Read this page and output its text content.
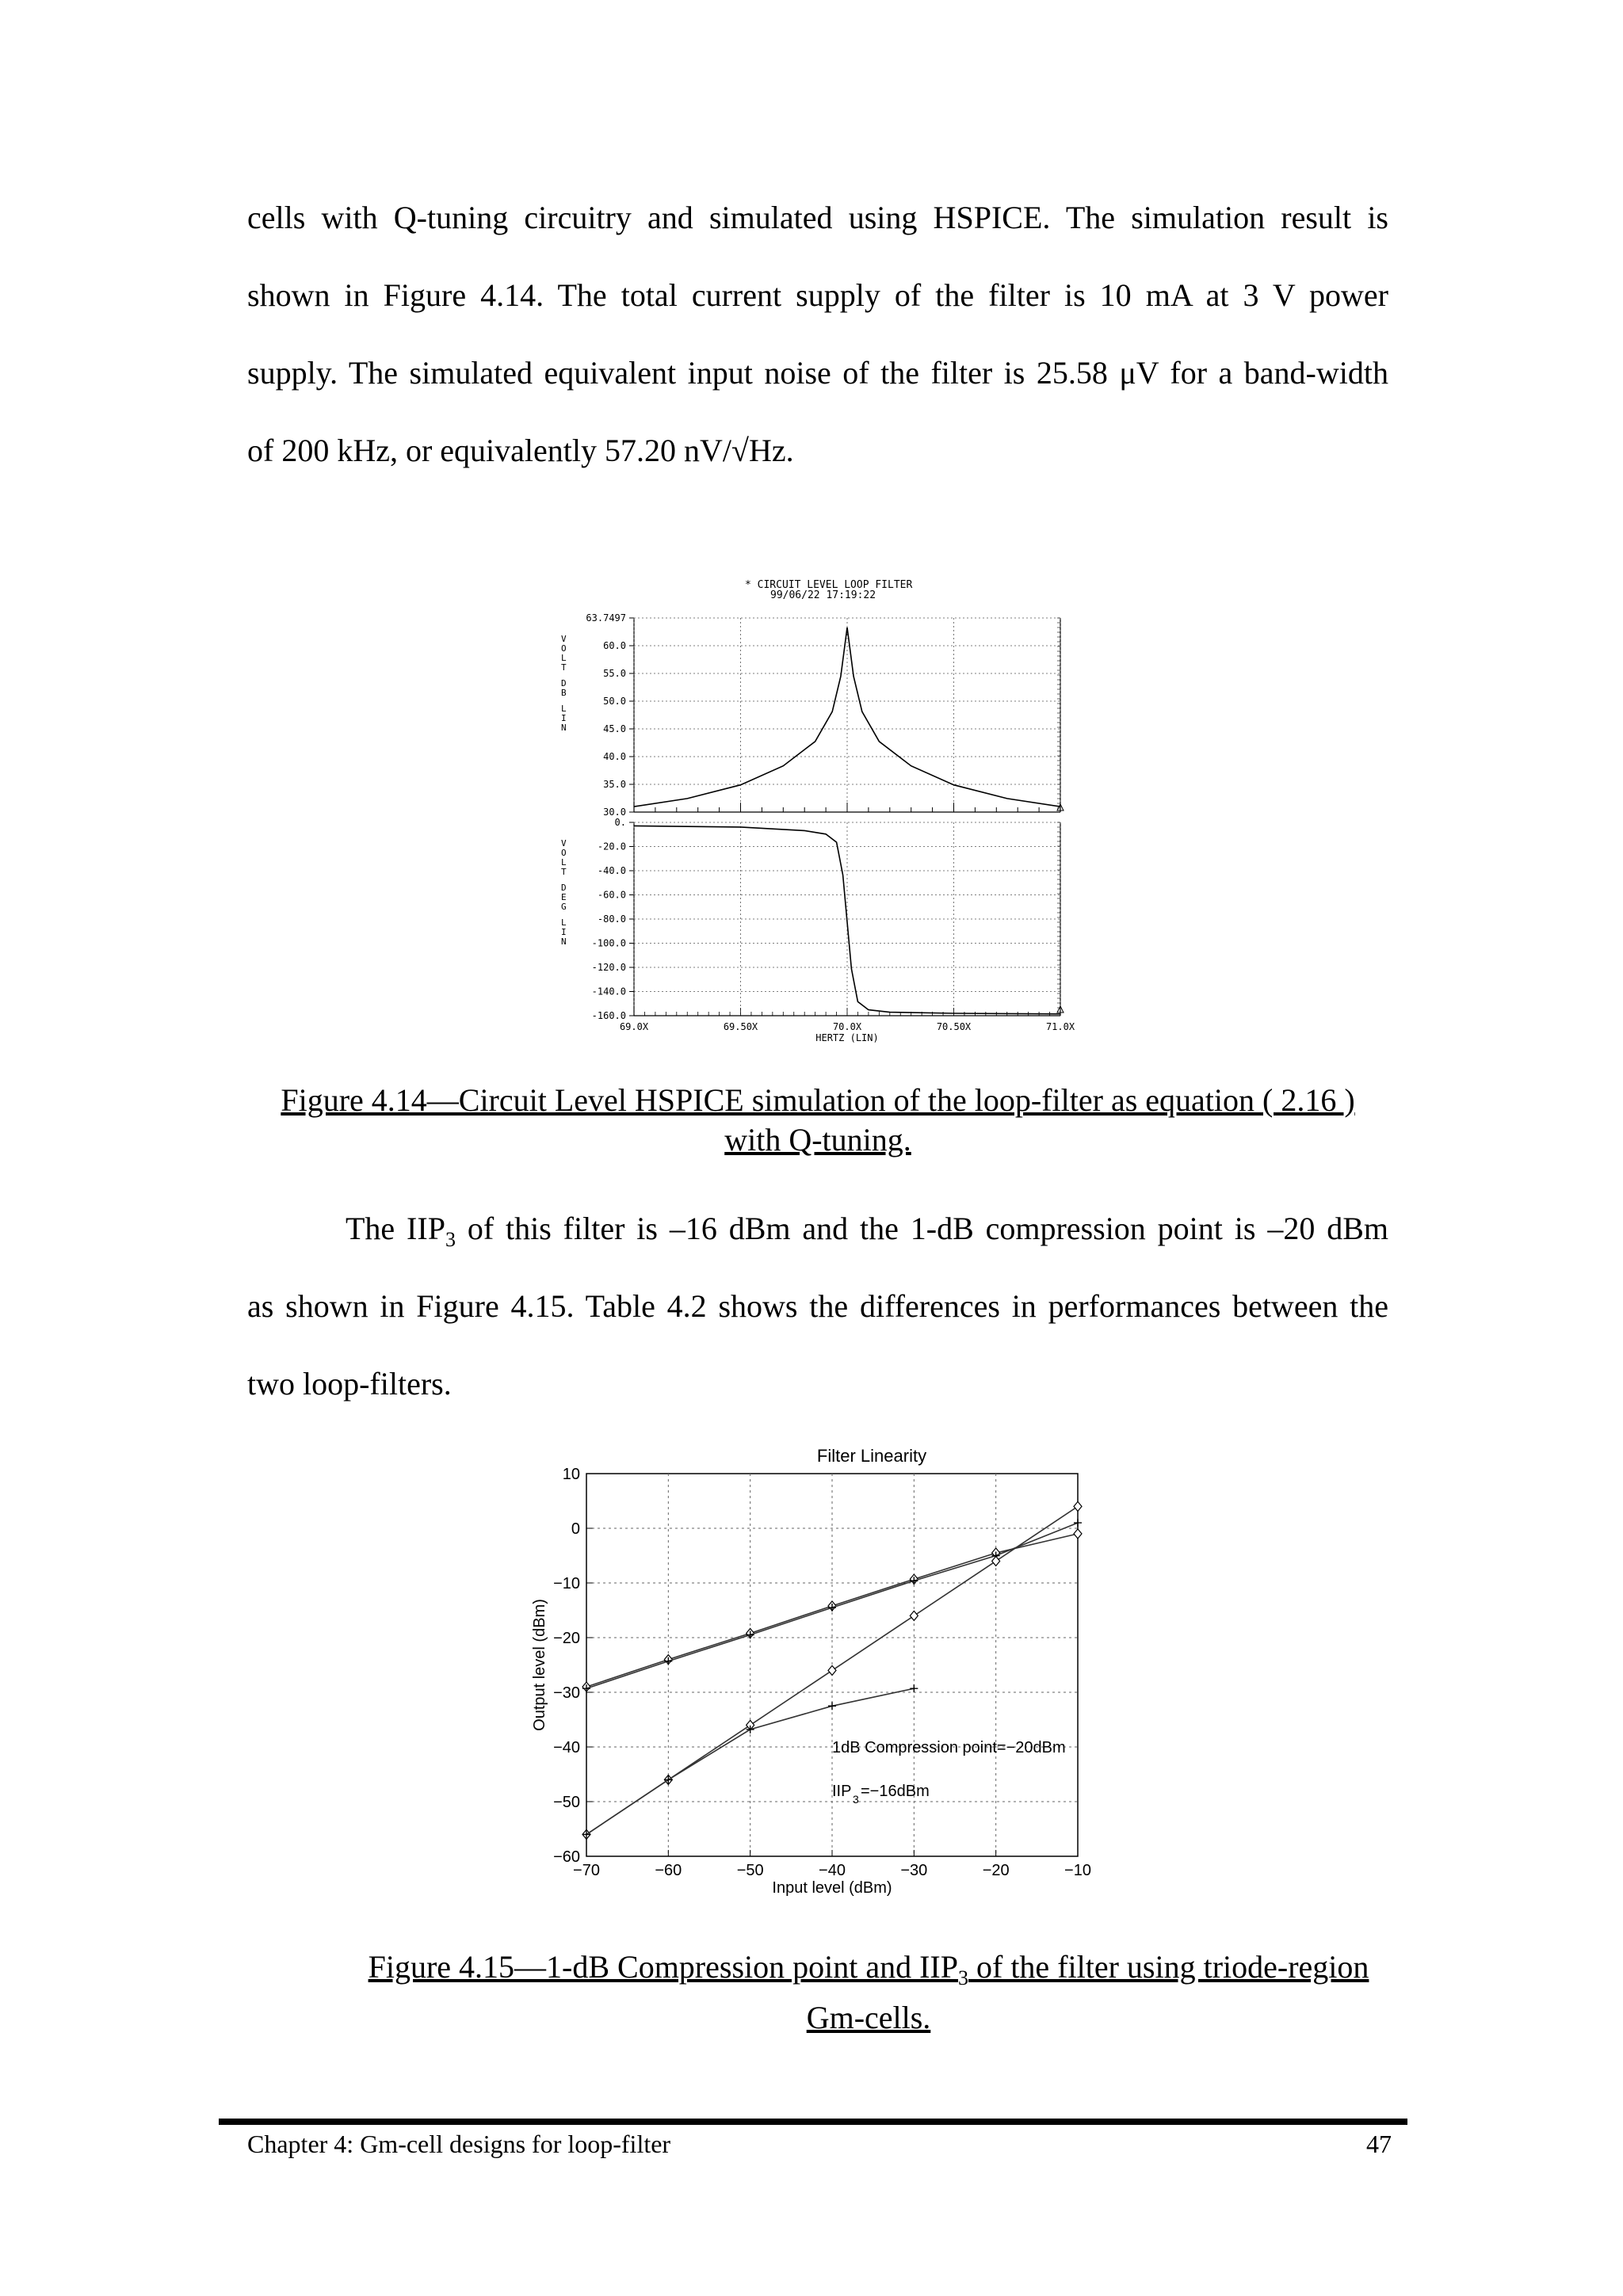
cells with Q-tuning circuitry and simulated using HSPICE. The simulation result is
shown in Figure 4.14. The total current supply of the filter is 10 mA at 3 V power
supply. The simulated equivalent input noise of the filter is 25.58 μV for a band-width
of 200 kHz, or equivalently 57.20 nV/√Hz.
* CIRCUIT LEVEL LOOP FILTER
99/06/22 17:19:22
63.7497
60.0
55.0
50.0
45.0
40.0
35.0
30.0
V
O
L
T
D
B
L
I
N
0.
-20.0
-40.0
-60.0
-80.0
-100.0
-120.0
-140.0
-160.0
V
O
L
T
D
E
G
L
I
N
69.0X	69.50X	70.0X	70.50X	71.0X
HERTZ (LIN)

Figure 4.14—Circuit Level HSPICE simulation of the loop-filter as equation ( 2.16 )
with Q-tuning.

The $IIP_3$ of this filter is –16 dBm and the 1-dB compression point is –20 dBm
as shown in Figure 4.15. Table 4.2 shows the differences in performances between the
two loop-filters.
Filter Linearity
−70	−60	−50	−40	−30	−20	−10
10
0
−10
−20
−30
−40
−50
−60
Input level (dBm)
Output level (dBm)
1dB Compression point=−20dBm
IIP 3 =−16dBm

Figure 4.15—1-dB Compression point and $IIP_3$ of the filter using triode-region
Gm-cells.

Chapter 4: Gm-cell designs for loop-filter	47
